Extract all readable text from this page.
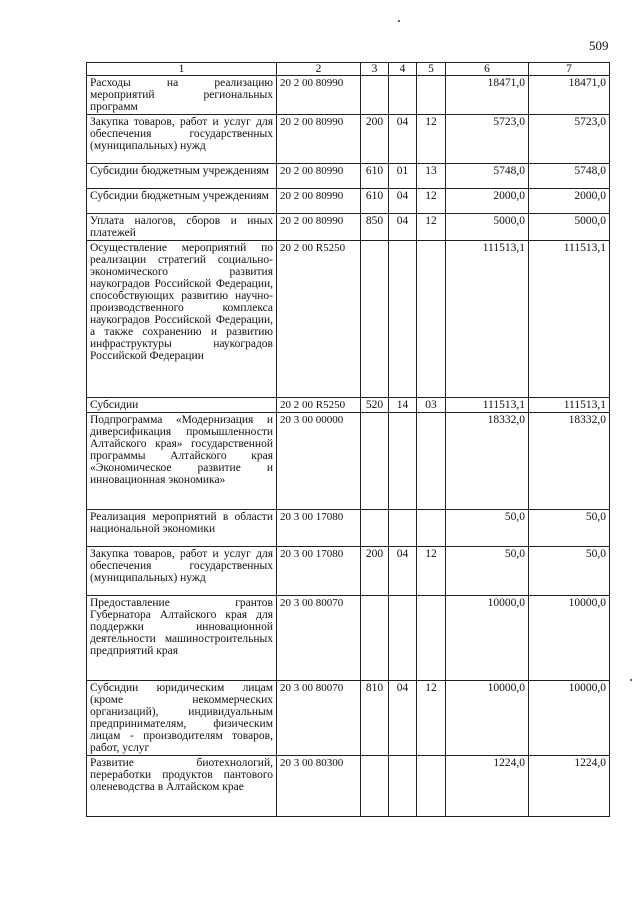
509
1	2	3	4	5	6	7
Расходы на реализацию мероприятий региональных программ	20 2 00 80990				18471,0	18471,0
Закупка товаров, работ и услуг для обеспечения государственных (муниципальных) нужд	20 2 00 80990	200	04	12	5723,0	5723,0
Субсидии бюджетным учреждениям	20 2 00 80990	610	01	13	5748,0	5748,0
Субсидии бюджетным учреждениям	20 2 00 80990	610	04	12	2000,0	2000,0
Уплата налогов, сборов и иных платежей	20 2 00 80990	850	04	12	5000,0	5000,0
Осуществление мероприятий по реализации стратегий социально-экономического развития наукоградов Российской Федерации, способствующих развитию научно-производственного комплекса наукоградов Российской Федерации, а также сохранению и развитию инфраструктуры наукоградов Российской Федерации	20 2 00 R5250				111513,1	111513,1
Субсидии	20 2 00 R5250	520	14	03	111513,1	111513,1
Подпрограмма «Модернизация и диверсификация промышленности Алтайского края» государственной программы Алтайского края «Экономическое развитие и инновационная экономика»	20 3 00 00000				18332,0	18332,0
Реализация мероприятий в области национальной экономики	20 3 00 17080				50,0	50,0
Закупка товаров, работ и услуг для обеспечения государственных (муниципальных) нужд	20 3 00 17080	200	04	12	50,0	50,0
Предоставление грантов Губернатора Алтайского края для поддержки инновационной деятельности машиностроительных предприятий края	20 3 00 80070				10000,0	10000,0
Субсидии юридическим лицам (кроме некоммерческих организаций), индивидуальным предпринимателям, физическим лицам - производителям товаров, работ, услуг	20 3 00 80070	810	04	12	10000,0	10000,0
Развитие биотехнологий, переработки продуктов пантового оленеводства в Алтайском крае	20 3 00 80300				1224,0	1224,0
